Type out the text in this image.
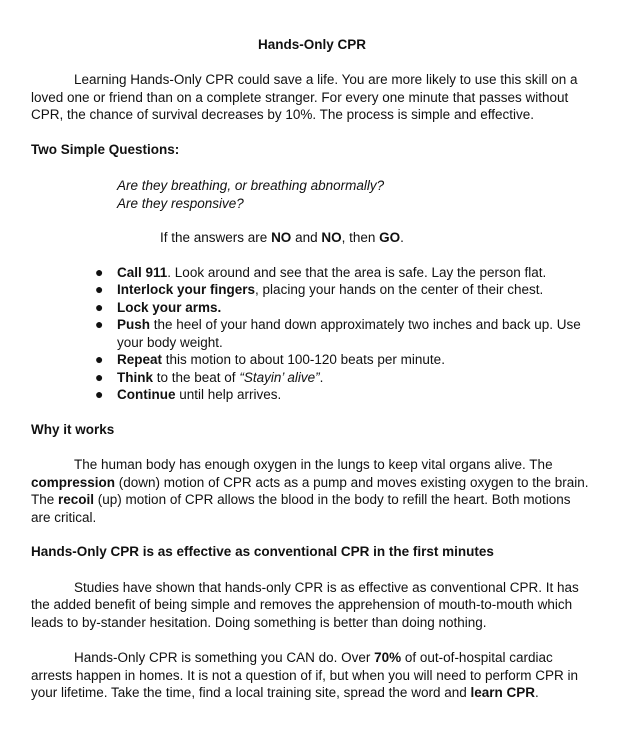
Hands-Only CPR

Learning Hands-Only CPR could save a life. You are more likely to use this skill on a loved one or friend than on a complete stranger. For every one minute that passes without CPR, the chance of survival decreases by 10%. The process is simple and effective.

Two Simple Questions:

Are they breathing, or breathing abnormally?
Are they responsive?

If the answers are NO and NO, then GO.

● Call 911. Look around and see that the area is safe. Lay the person flat.
● Interlock your fingers, placing your hands on the center of their chest.
● Lock your arms.
● Push the heel of your hand down approximately two inches and back up. Use your body weight.
● Repeat this motion to about 100-120 beats per minute.
● Think to the beat of “Stayin’ alive”.
● Continue until help arrives.

Why it works

The human body has enough oxygen in the lungs to keep vital organs alive. The compression (down) motion of CPR acts as a pump and moves existing oxygen to the brain. The recoil (up) motion of CPR allows the blood in the body to refill the heart. Both motions are critical.

Hands-Only CPR is as effective as conventional CPR in the first minutes

Studies have shown that hands-only CPR is as effective as conventional CPR. It has the added benefit of being simple and removes the apprehension of mouth-to-mouth which leads to by-stander hesitation. Doing something is better than doing nothing.

Hands-Only CPR is something you CAN do. Over 70% of out-of-hospital cardiac arrests happen in homes. It is not a question of if, but when you will need to perform CPR in your lifetime. Take the time, find a local training site, spread the word and learn CPR.
